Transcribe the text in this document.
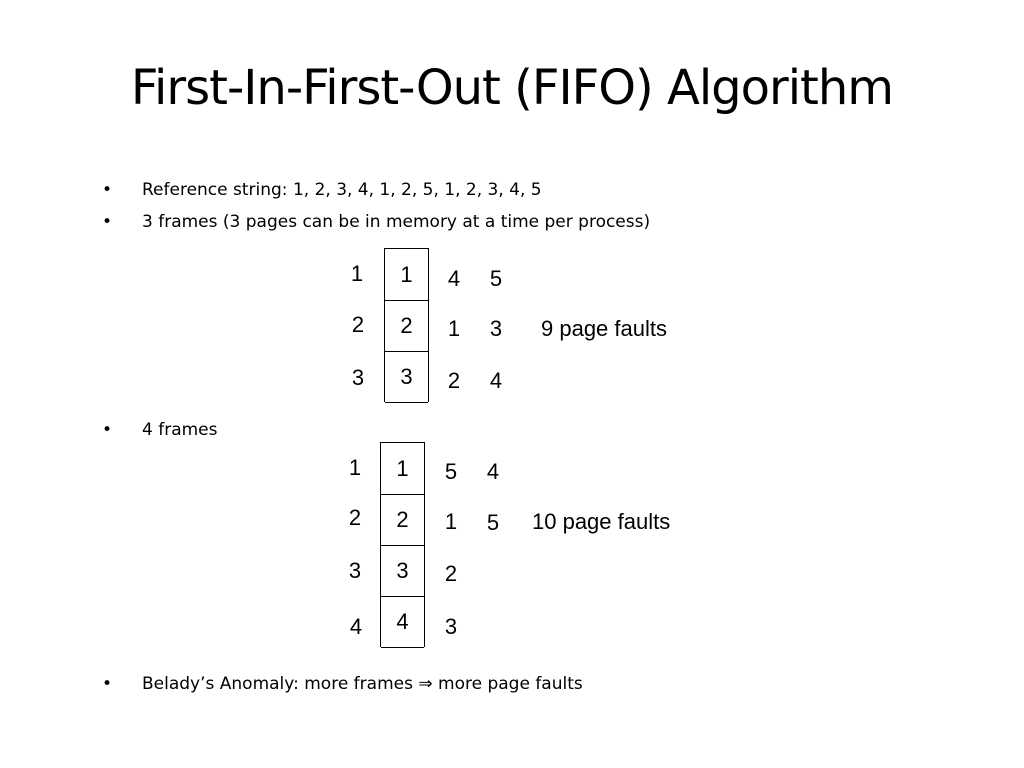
First-In-First-Out (FIFO) Algorithm
• Reference string: 1, 2, 3, 4, 1, 2, 5, 1, 2, 3, 4, 5
• 3 frames (3 pages can be in memory at a time per process)
• 4 frames
• Belady’s Anomaly: more frames ⇒ more page faults
1
2
3
1
2
3
4
1
2
5
3
4
9 page faults
1
2
3
4
1
2
3
4
5
1
2
3
4
5 10 page faults
